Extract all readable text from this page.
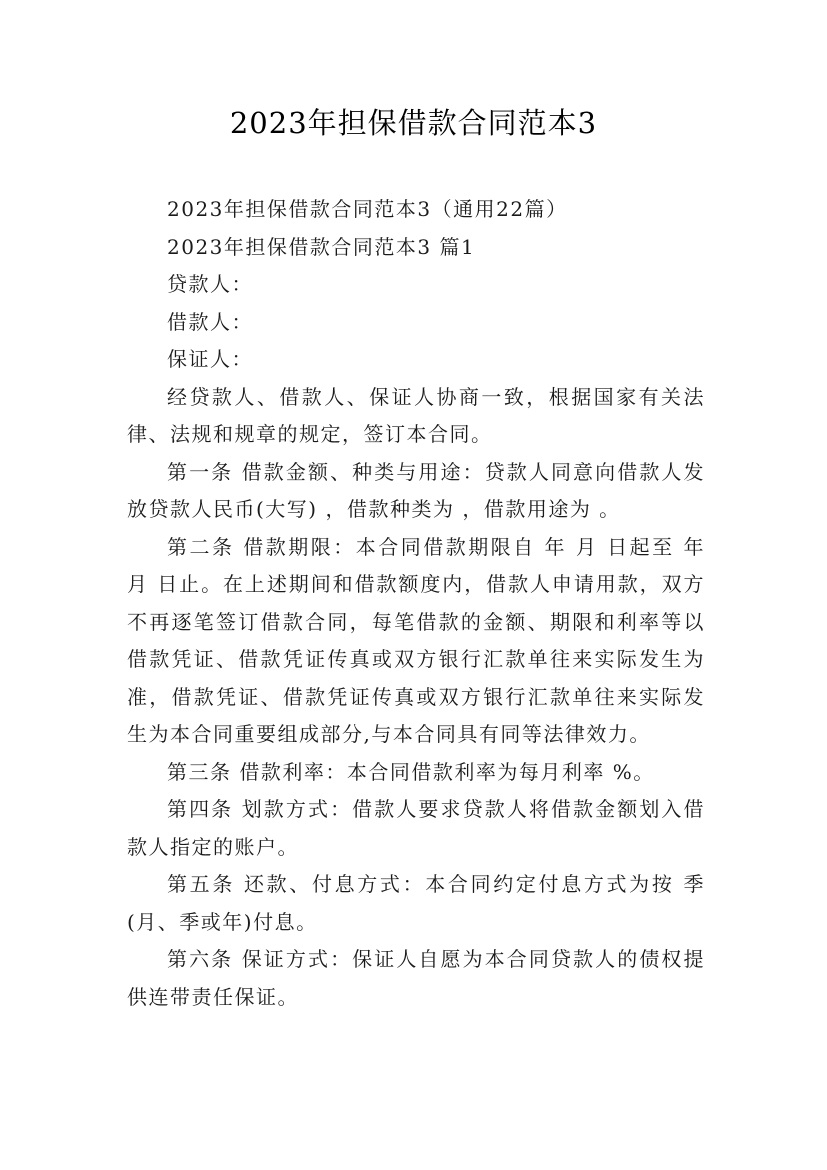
2023年担保借款合同范本3

2023年担保借款合同范本3（通用22篇）

2023年担保借款合同范本3 篇1

贷款人：

借款人：

保证人：

经贷款人、借款人、保证人协商一致，根据国家有关法律、法规和规章的规定，签订本合同。

第一条 借款金额、种类与用途：贷款人同意向借款人发放贷款人民币(大写) ，借款种类为 ，借款用途为 。

第二条 借款期限：本合同借款期限自 年 月 日起至 年 月 日止。在上述期间和借款额度内，借款人申请用款，双方不再逐笔签订借款合同，每笔借款的金额、期限和利率等以借款凭证、借款凭证传真或双方银行汇款单往来实际发生为准，借款凭证、借款凭证传真或双方银行汇款单往来实际发生为本合同重要组成部分,与本合同具有同等法律效力。

第三条 借款利率：本合同借款利率为每月利率 %。

第四条 划款方式：借款人要求贷款人将借款金额划入借款人指定的账户。

第五条 还款、付息方式：本合同约定付息方式为按 季(月、季或年)付息。

第六条 保证方式：保证人自愿为本合同贷款人的债权提供连带责任保证。
